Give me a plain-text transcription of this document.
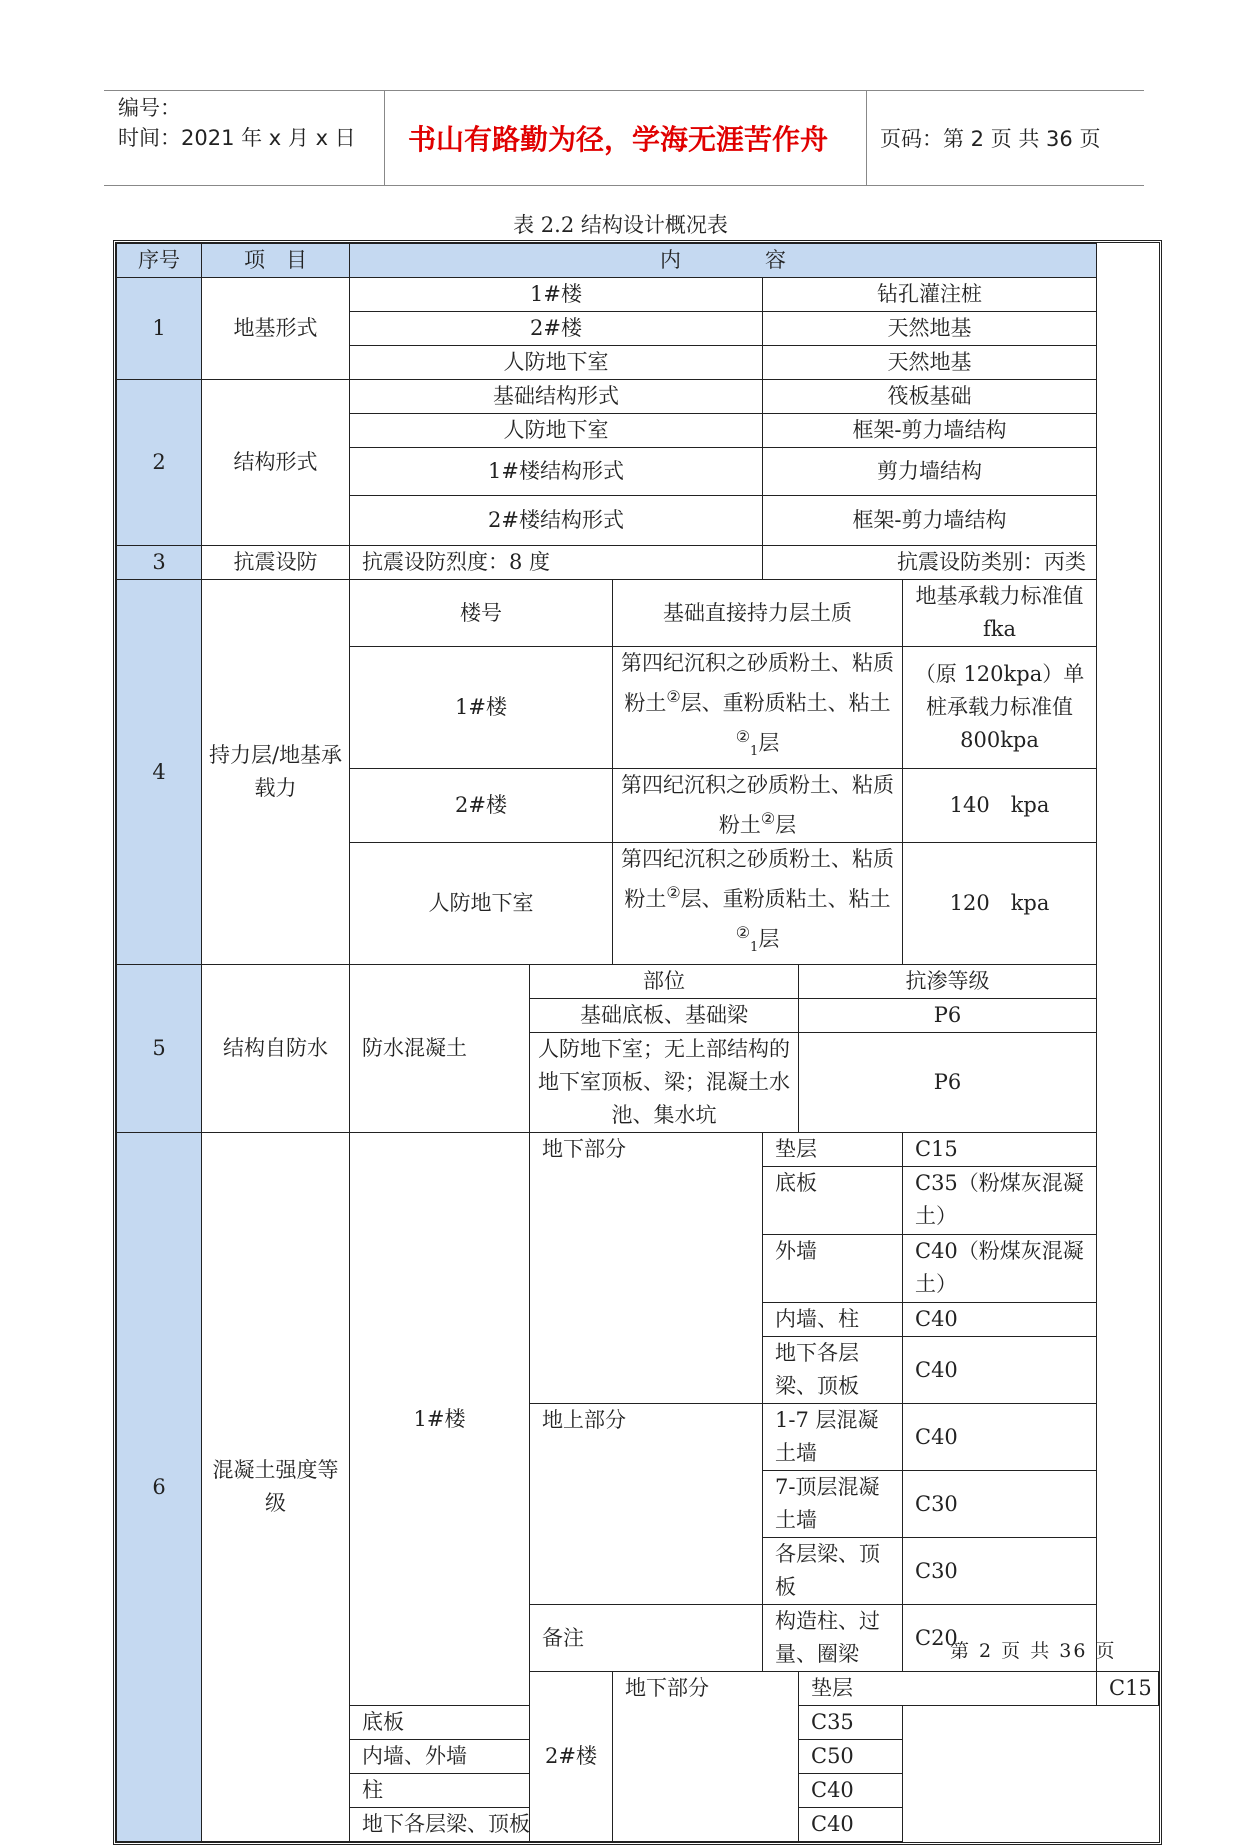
编号：
时间：2021 年 x 月 x 日	书山有路勤为径，学海无涯苦作舟	页码：第 2 页 共 36 页
表 2.2 结构设计概况表
序号	项　目	内　　　　容						
1	地基形式	1#楼			钻孔灌注桩			
		2#楼			天然地基			
		人防地下室			天然地基			
2	结构形式	基础结构形式			筏板基础			
		人防地下室			框架-剪力墙结构			
		1#楼结构形式			剪力墙结构			
		2#楼结构形式			框架-剪力墙结构			
3	抗震设防	抗震设防烈度：8 度			抗震设防类别：丙类			
4	持力层/地基承载力	楼号		基础直接持力层土质			地基承载力标准值 fka	
		1#楼		第四纪沉积之砂质粉土、粘质粉土②层、重粉质粘土、粘土②$_1$层			（原 120kpa）单桩承载力标准值 800kpa	
		2#楼		第四纪沉积之砂质粉土、粘质粉土②层			140　kpa	
		人防地下室		第四纪沉积之砂质粉土、粘质粉土②层、重粉质粘土、粘土②$_1$层			120　kpa	
5	结构自防水	防水混凝土	部位			抗渗等级		
			基础底板、基础梁			P6		
			人防地下室；无上部结构的地下室顶板、梁；混凝土水池、集水坑			P6		
6	混凝土强度等级	1#楼	地下部分		垫层		C15	
					底板		C35（粉煤灰混凝土）	
					外墙		C40（粉煤灰混凝土）	
					内墙、柱		C40	
					地下各层梁、顶板		C40	
			地上部分		1-7 层混凝土墙		C40	
					7-顶层混凝土墙		C30	
					各层梁、顶板		C30	
			备注		构造柱、过量、圈梁		C20	
			2#楼	地下部分		垫层		C15
		底板				C35		
		内墙、外墙				C50		
		柱				C40		
		地下各层梁、顶板				C40		
第 2 页 共 36 页
